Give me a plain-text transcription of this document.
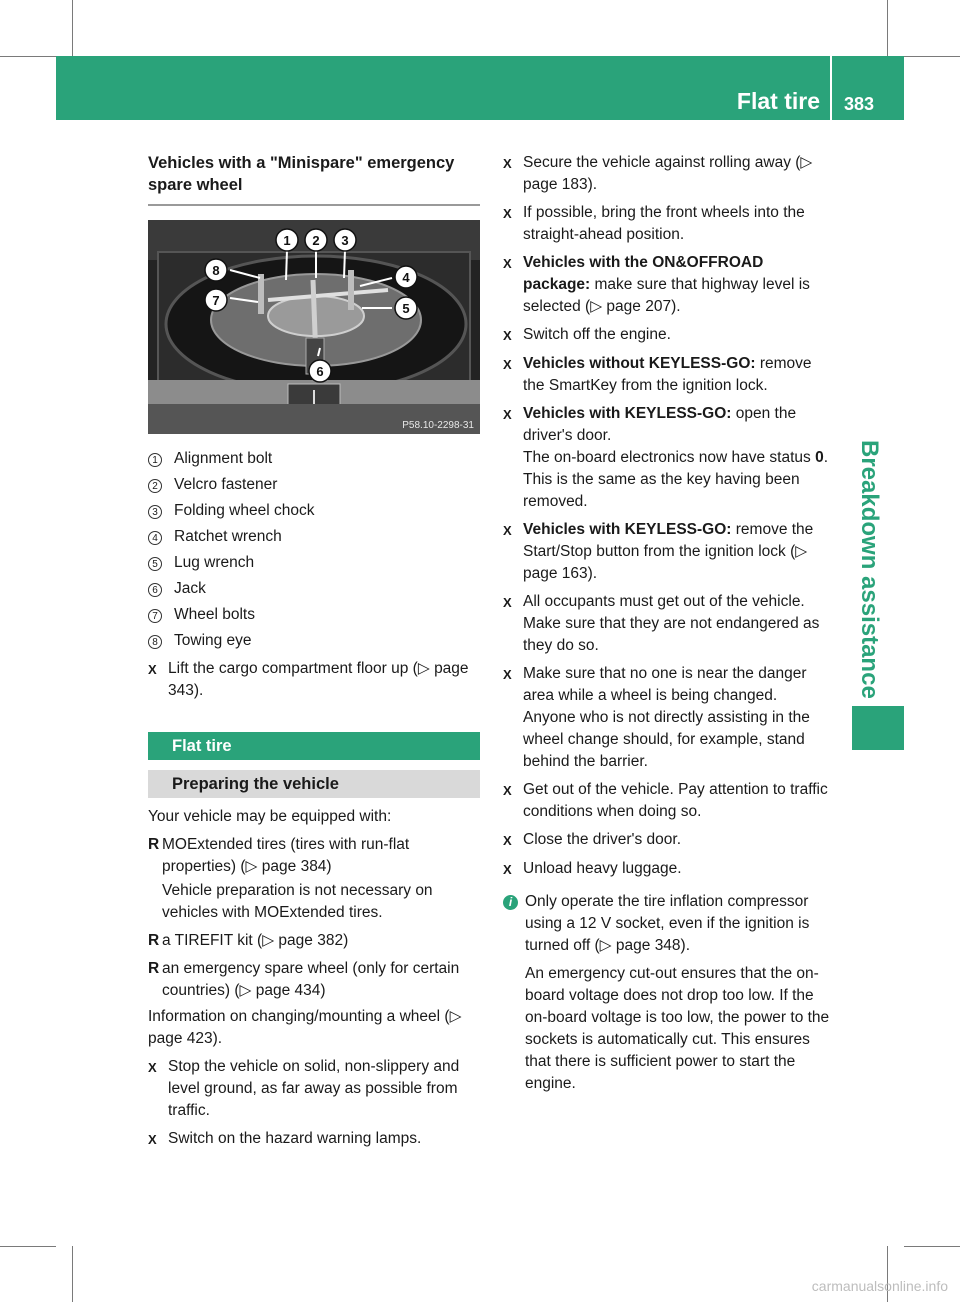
Flat tire 383
Breakdown assistance
Vehicles with a "Minispare" emergency spare wheel
1 2 3
4
5
6
7
8
P58.10-2298-31
1	Alignment bolt
2	Velcro fastener
3	Folding wheel chock
4	Ratchet wrench
5	Lug wrench
6	Jack
7	Wheel bolts
8	Towing eye
X Lift the cargo compartment floor up (▷ page 343).
Flat tire
Preparing the vehicle
Your vehicle may be equipped with:
R MOExtended tires (tires with run-flat properties) (▷ page 384)
Vehicle preparation is not necessary on vehicles with MOExtended tires.
R a TIREFIT kit (▷ page 382)
R an emergency spare wheel (only for certain countries) (▷ page 434)
Information on changing/mounting a wheel (▷ page 423).
X Stop the vehicle on solid, non-slippery and level ground, as far away as possible from traffic.
X Switch on the hazard warning lamps.
X Secure the vehicle against rolling away (▷ page 183).
X If possible, bring the front wheels into the straight-ahead position.
X Vehicles with the ON&OFFROAD package: make sure that highway level is selected (▷ page 207).
X Switch off the engine.
X Vehicles without KEYLESS-GO: remove the SmartKey from the ignition lock.
X Vehicles with KEYLESS-GO: open the driver's door.
The on-board electronics now have status 0. This is the same as the key having been removed.
X Vehicles with KEYLESS-GO: remove the Start/Stop button from the ignition lock (▷ page 163).
X All occupants must get out of the vehicle. Make sure that they are not endangered as they do so.
X Make sure that no one is near the danger area while a wheel is being changed. Anyone who is not directly assisting in the wheel change should, for example, stand behind the barrier.
X Get out of the vehicle. Pay attention to traffic conditions when doing so.
X Close the driver's door.
X Unload heavy luggage.
i Only operate the tire inflation compressor using a 12 V socket, even if the ignition is turned off (▷ page 348).
An emergency cut-out ensures that the on-board voltage does not drop too low. If the on-board voltage is too low, the power to the sockets is automatically cut. This ensures that there is sufficient power to start the engine.
carmanualsonline.info
